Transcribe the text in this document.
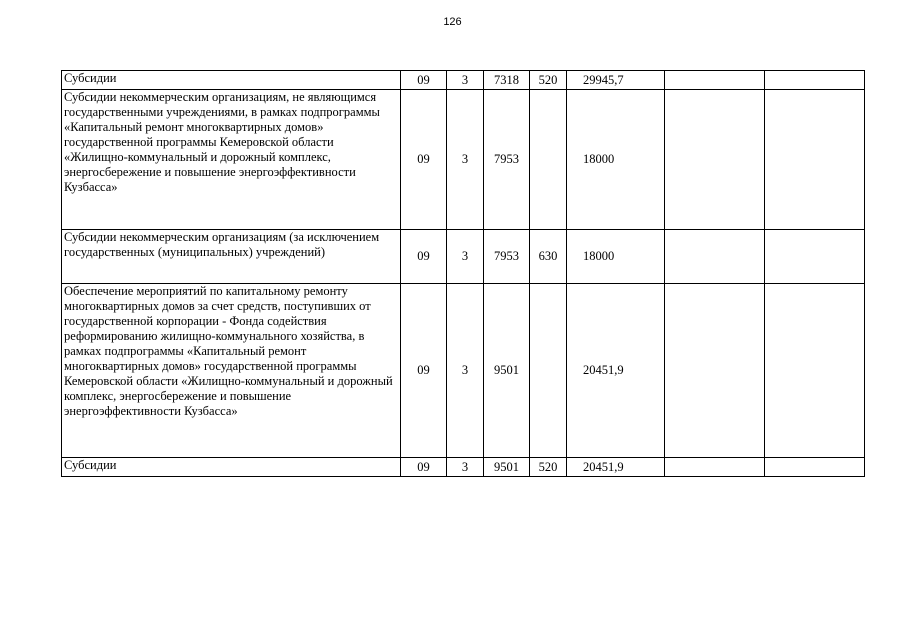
126
Субсидии	09	3	7318	520	29945,7		
Субсидии некоммерческим организациям, не являющимся государственными учреждениями, в рамках подпрограммы «Капитальный ремонт многоквартирных домов» государственной программы Кемеровской области «Жилищно-коммунальный и дорожный комплекс, энергосбережение и повышение энергоэффективности Кузбасса»	09	3	7953		18000		
Субсидии некоммерческим организациям (за исключением государственных (муниципальных) учреждений)	09	3	7953	630	18000		
Обеспечение мероприятий по капитальному ремонту многоквартирных домов за счет средств, поступивших от государственной корпорации - Фонда содействия реформированию жилищно-коммунального хозяйства, в рамках подпрограммы «Капитальный ремонт многоквартирных домов» государственной программы Кемеровской области «Жилищно-коммунальный и дорожный комплекс, энергосбережение и повышение энергоэффективности Кузбасса»	09	3	9501		20451,9		
Субсидии	09	3	9501	520	20451,9		
